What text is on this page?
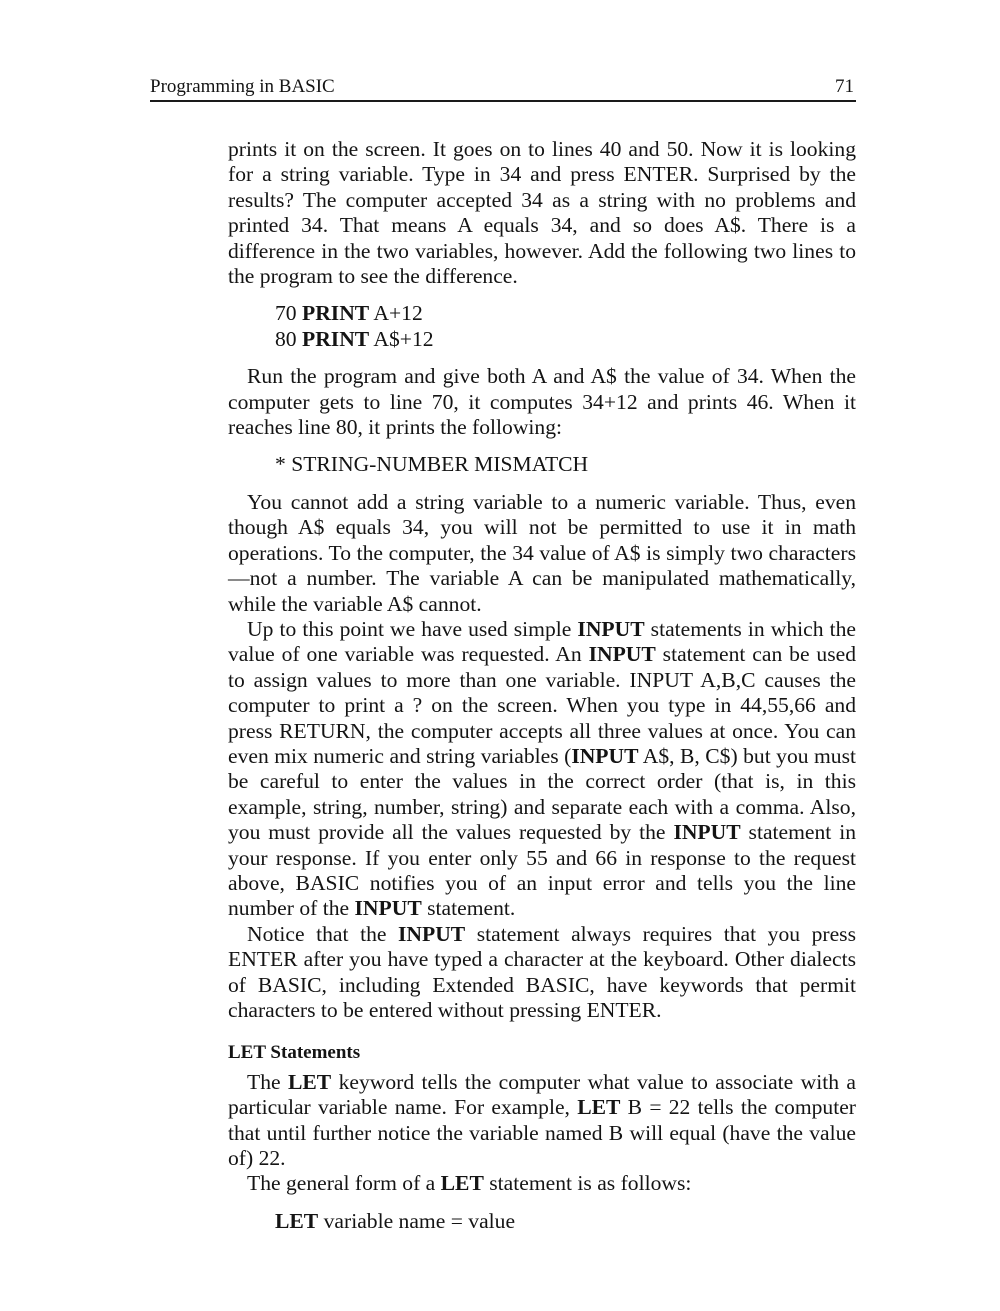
Programming in BASIC	71

prints it on the screen. It goes on to lines 40 and 50. Now it is looking for a string variable. Type in 34 and press ENTER. Surprised by the results? The computer accepted 34 as a string with no problems and printed 34. That means A equals 34, and so does A$. There is a difference in the two variables, however. Add the following two lines to the program to see the difference.

70 PRINT A+12
80 PRINT A$+12

Run the program and give both A and A$ the value of 34. When the computer gets to line 70, it computes 34+12 and prints 46. When it reaches line 80, it prints the following:

* STRING-NUMBER MISMATCH

You cannot add a string variable to a numeric variable. Thus, even though A$ equals 34, you will not be permitted to use it in math operations. To the computer, the 34 value of A$ is simply two characters—not a number. The variable A can be manipulated mathematically, while the variable A$ cannot.

Up to this point we have used simple INPUT statements in which the value of one variable was requested. An INPUT statement can be used to assign values to more than one variable. INPUT A,B,C causes the computer to print a ? on the screen. When you type in 44,55,66 and press RETURN, the computer accepts all three values at once. You can even mix numeric and string variables (INPUT A$, B, C$) but you must be careful to enter the values in the correct order (that is, in this example, string, number, string) and separate each with a comma. Also, you must provide all the values requested by the INPUT statement in your response. If you enter only 55 and 66 in response to the request above, BASIC notifies you of an input error and tells you the line number of the INPUT statement.

Notice that the INPUT statement always requires that you press ENTER after you have typed a character at the keyboard. Other dialects of BASIC, including Extended BASIC, have keywords that permit characters to be entered without pressing ENTER.

LET Statements

The LET keyword tells the computer what value to associate with a particular variable name. For example, LET B = 22 tells the computer that until further notice the variable named B will equal (have the value of) 22.

The general form of a LET statement is as follows:

LET variable name = value
